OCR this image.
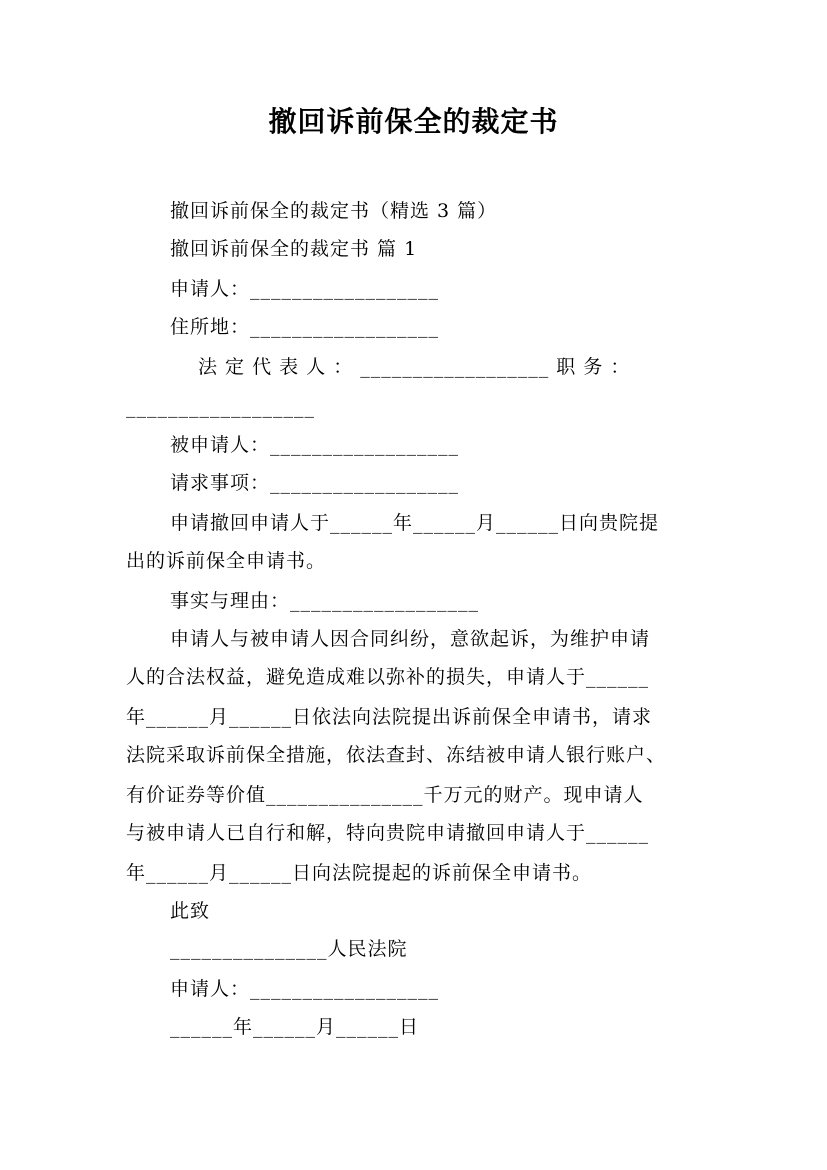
撤回诉前保全的裁定书
撤回诉前保全的裁定书（精选 3 篇）
撤回诉前保全的裁定书 篇 1
申请人：__________________
住所地：__________________
法 定 代 表 人 ： __________________ 职 务 ：
__________________
被申请人：__________________
请求事项：__________________
申请撤回申请人于______年______月______日向贵院提
出的诉前保全申请书。
事实与理由：__________________
申请人与被申请人因合同纠纷，意欲起诉，为维护申请
人的合法权益，避免造成难以弥补的损失，申请人于______
年______月______日依法向法院提出诉前保全申请书，请求
法院采取诉前保全措施，依法查封、冻结被申请人银行账户、
有价证券等价值_______________千万元的财产。现申请人
与被申请人已自行和解，特向贵院申请撤回申请人于______
年______月______日向法院提起的诉前保全申请书。
此致
_______________人民法院
申请人：__________________
______年______月______日
